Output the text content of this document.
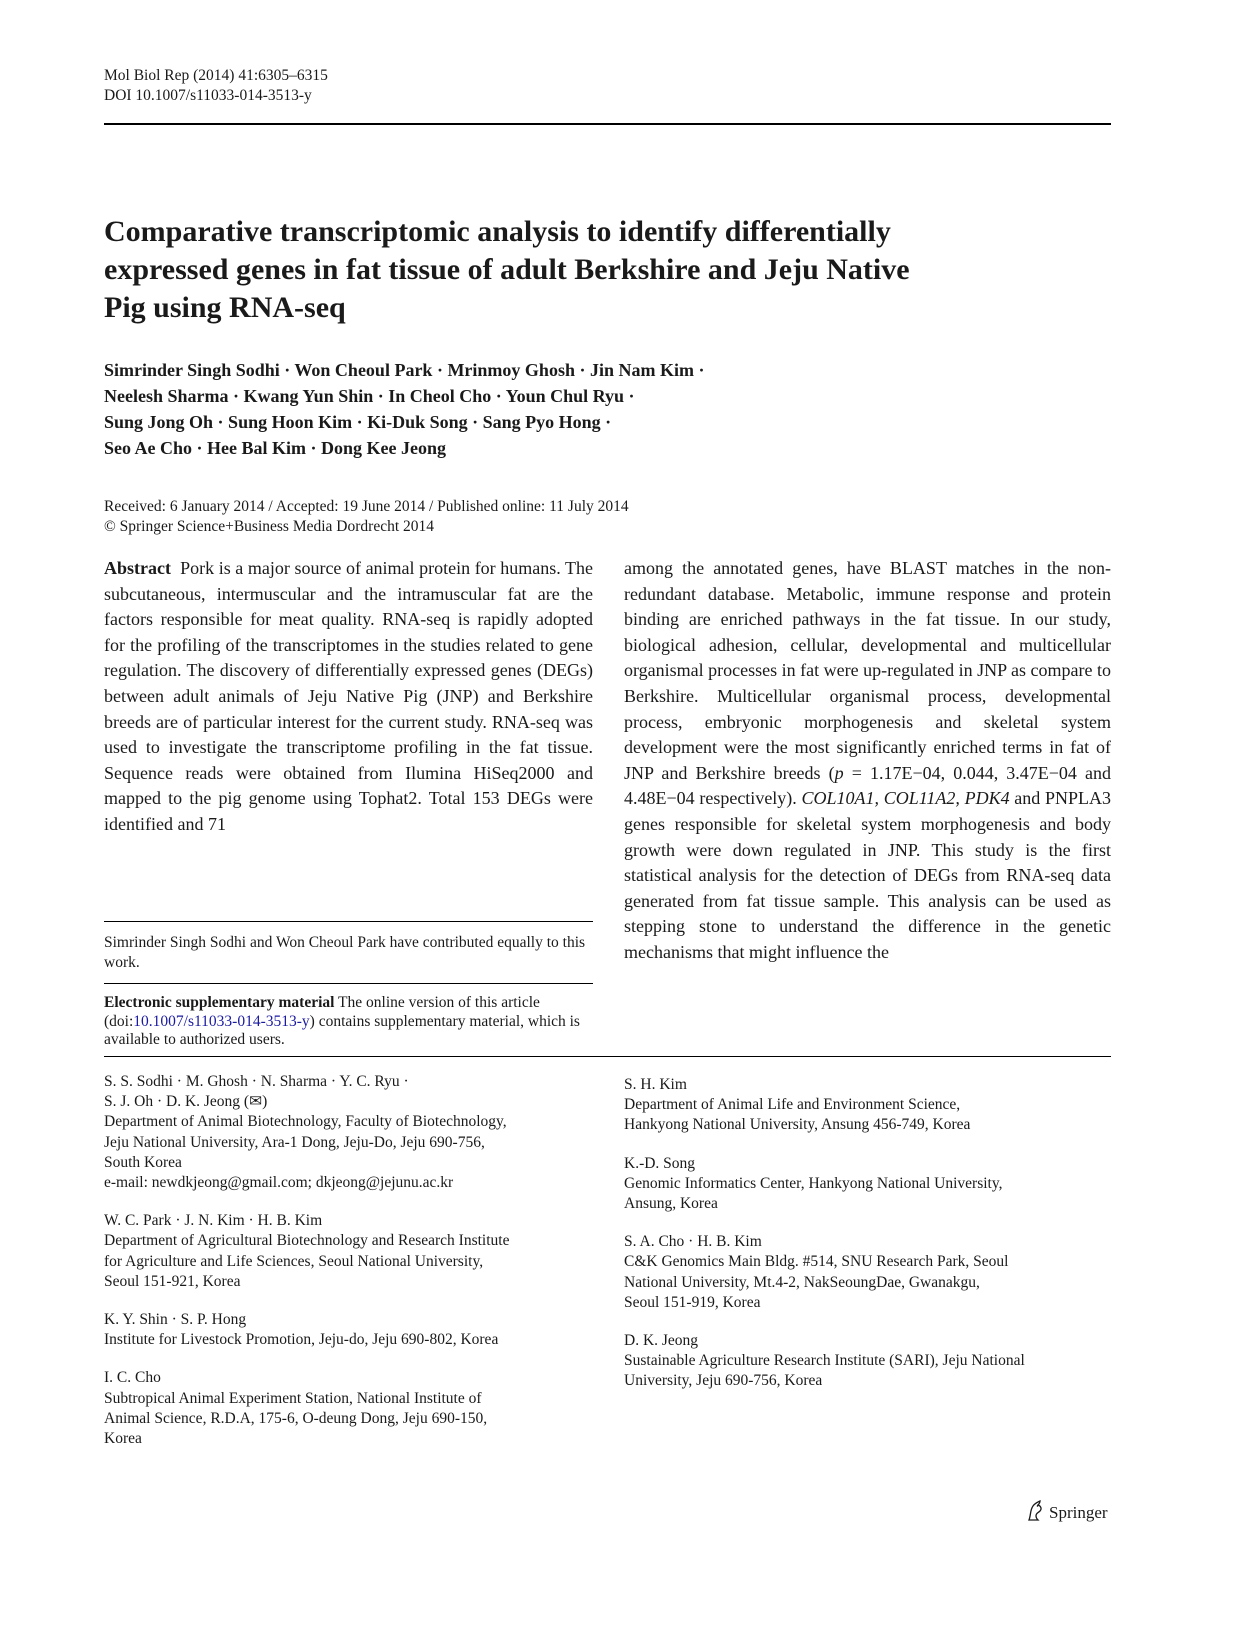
Mol Biol Rep (2014) 41:6305–6315
DOI 10.1007/s11033-014-3513-y
Comparative transcriptomic analysis to identify differentially
expressed genes in fat tissue of adult Berkshire and Jeju Native
Pig using RNA-seq
Simrinder Singh Sodhi · Won Cheoul Park · Mrinmoy Ghosh · Jin Nam Kim ·
Neelesh Sharma · Kwang Yun Shin · In Cheol Cho · Youn Chul Ryu ·
Sung Jong Oh · Sung Hoon Kim · Ki-Duk Song · Sang Pyo Hong ·
Seo Ae Cho · Hee Bal Kim · Dong Kee Jeong
Received: 6 January 2014 / Accepted: 19 June 2014 / Published online: 11 July 2014
© Springer Science+Business Media Dordrecht 2014

Abstract Pork is a major source of animal protein for humans. The subcutaneous, intermuscular and the intramuscular fat are the factors responsible for meat quality. RNA-seq is rapidly adopted for the profiling of the transcriptomes in the studies related to gene regulation. The discovery of differentially expressed genes (DEGs) between adult animals of Jeju Native Pig (JNP) and Berkshire breeds are of particular interest for the current study. RNA-seq was used to investigate the transcriptome profiling in the fat tissue. Sequence reads were obtained from Ilumina HiSeq2000 and mapped to the pig genome using Tophat2. Total 153 DEGs were identified and 71

among the annotated genes, have BLAST matches in the non- redundant database. Metabolic, immune response and protein binding are enriched pathways in the fat tissue. In our study, biological adhesion, cellular, developmental and multicellular organismal processes in fat were up-regulated in JNP as compare to Berkshire. Multicellular organismal process, developmental process, embryonic morphogenesis and skeletal system development were the most significantly enriched terms in fat of JNP and Berkshire breeds (p = 1.17E−04, 0.044, 3.47E−04 and 4.48E−04 respectively). COL10A1, COL11A2, PDK4 and PNPLA3 genes responsible for skeletal system morphogenesis and body growth were down regulated in JNP. This study is the first statistical analysis for the detection of DEGs from RNA-seq data generated from fat tissue sample. This analysis can be used as stepping stone to understand the difference in the genetic mechanisms that might influence the

Simrinder Singh Sodhi and Won Cheoul Park have contributed equally to this work.

Electronic supplementary material The online version of this article (doi:10.1007/s11033-014-3513-y) contains supplementary material, which is available to authorized users.

S. S. Sodhi · M. Ghosh · N. Sharma · Y. C. Ryu ·
S. J. Oh · D. K. Jeong (✉)
Department of Animal Biotechnology, Faculty of Biotechnology,
Jeju National University, Ara-1 Dong, Jeju-Do, Jeju 690-756,
South Korea
e-mail: newdkjeong@gmail.com; dkjeong@jejunu.ac.kr

W. C. Park · J. N. Kim · H. B. Kim
Department of Agricultural Biotechnology and Research Institute
for Agriculture and Life Sciences, Seoul National University,
Seoul 151-921, Korea

K. Y. Shin · S. P. Hong
Institute for Livestock Promotion, Jeju-do, Jeju 690-802, Korea

I. C. Cho
Subtropical Animal Experiment Station, National Institute of
Animal Science, R.D.A, 175-6, O-deung Dong, Jeju 690-150,
Korea

S. H. Kim
Department of Animal Life and Environment Science,
Hankyong National University, Ansung 456-749, Korea

K.-D. Song
Genomic Informatics Center, Hankyong National University,
Ansung, Korea

S. A. Cho · H. B. Kim
C&K Genomics Main Bldg. #514, SNU Research Park, Seoul
National University, Mt.4-2, NakSeoungDae, Gwanakgu,
Seoul 151-919, Korea

D. K. Jeong
Sustainable Agriculture Research Institute (SARI), Jeju National
University, Jeju 690-756, Korea

Springer
